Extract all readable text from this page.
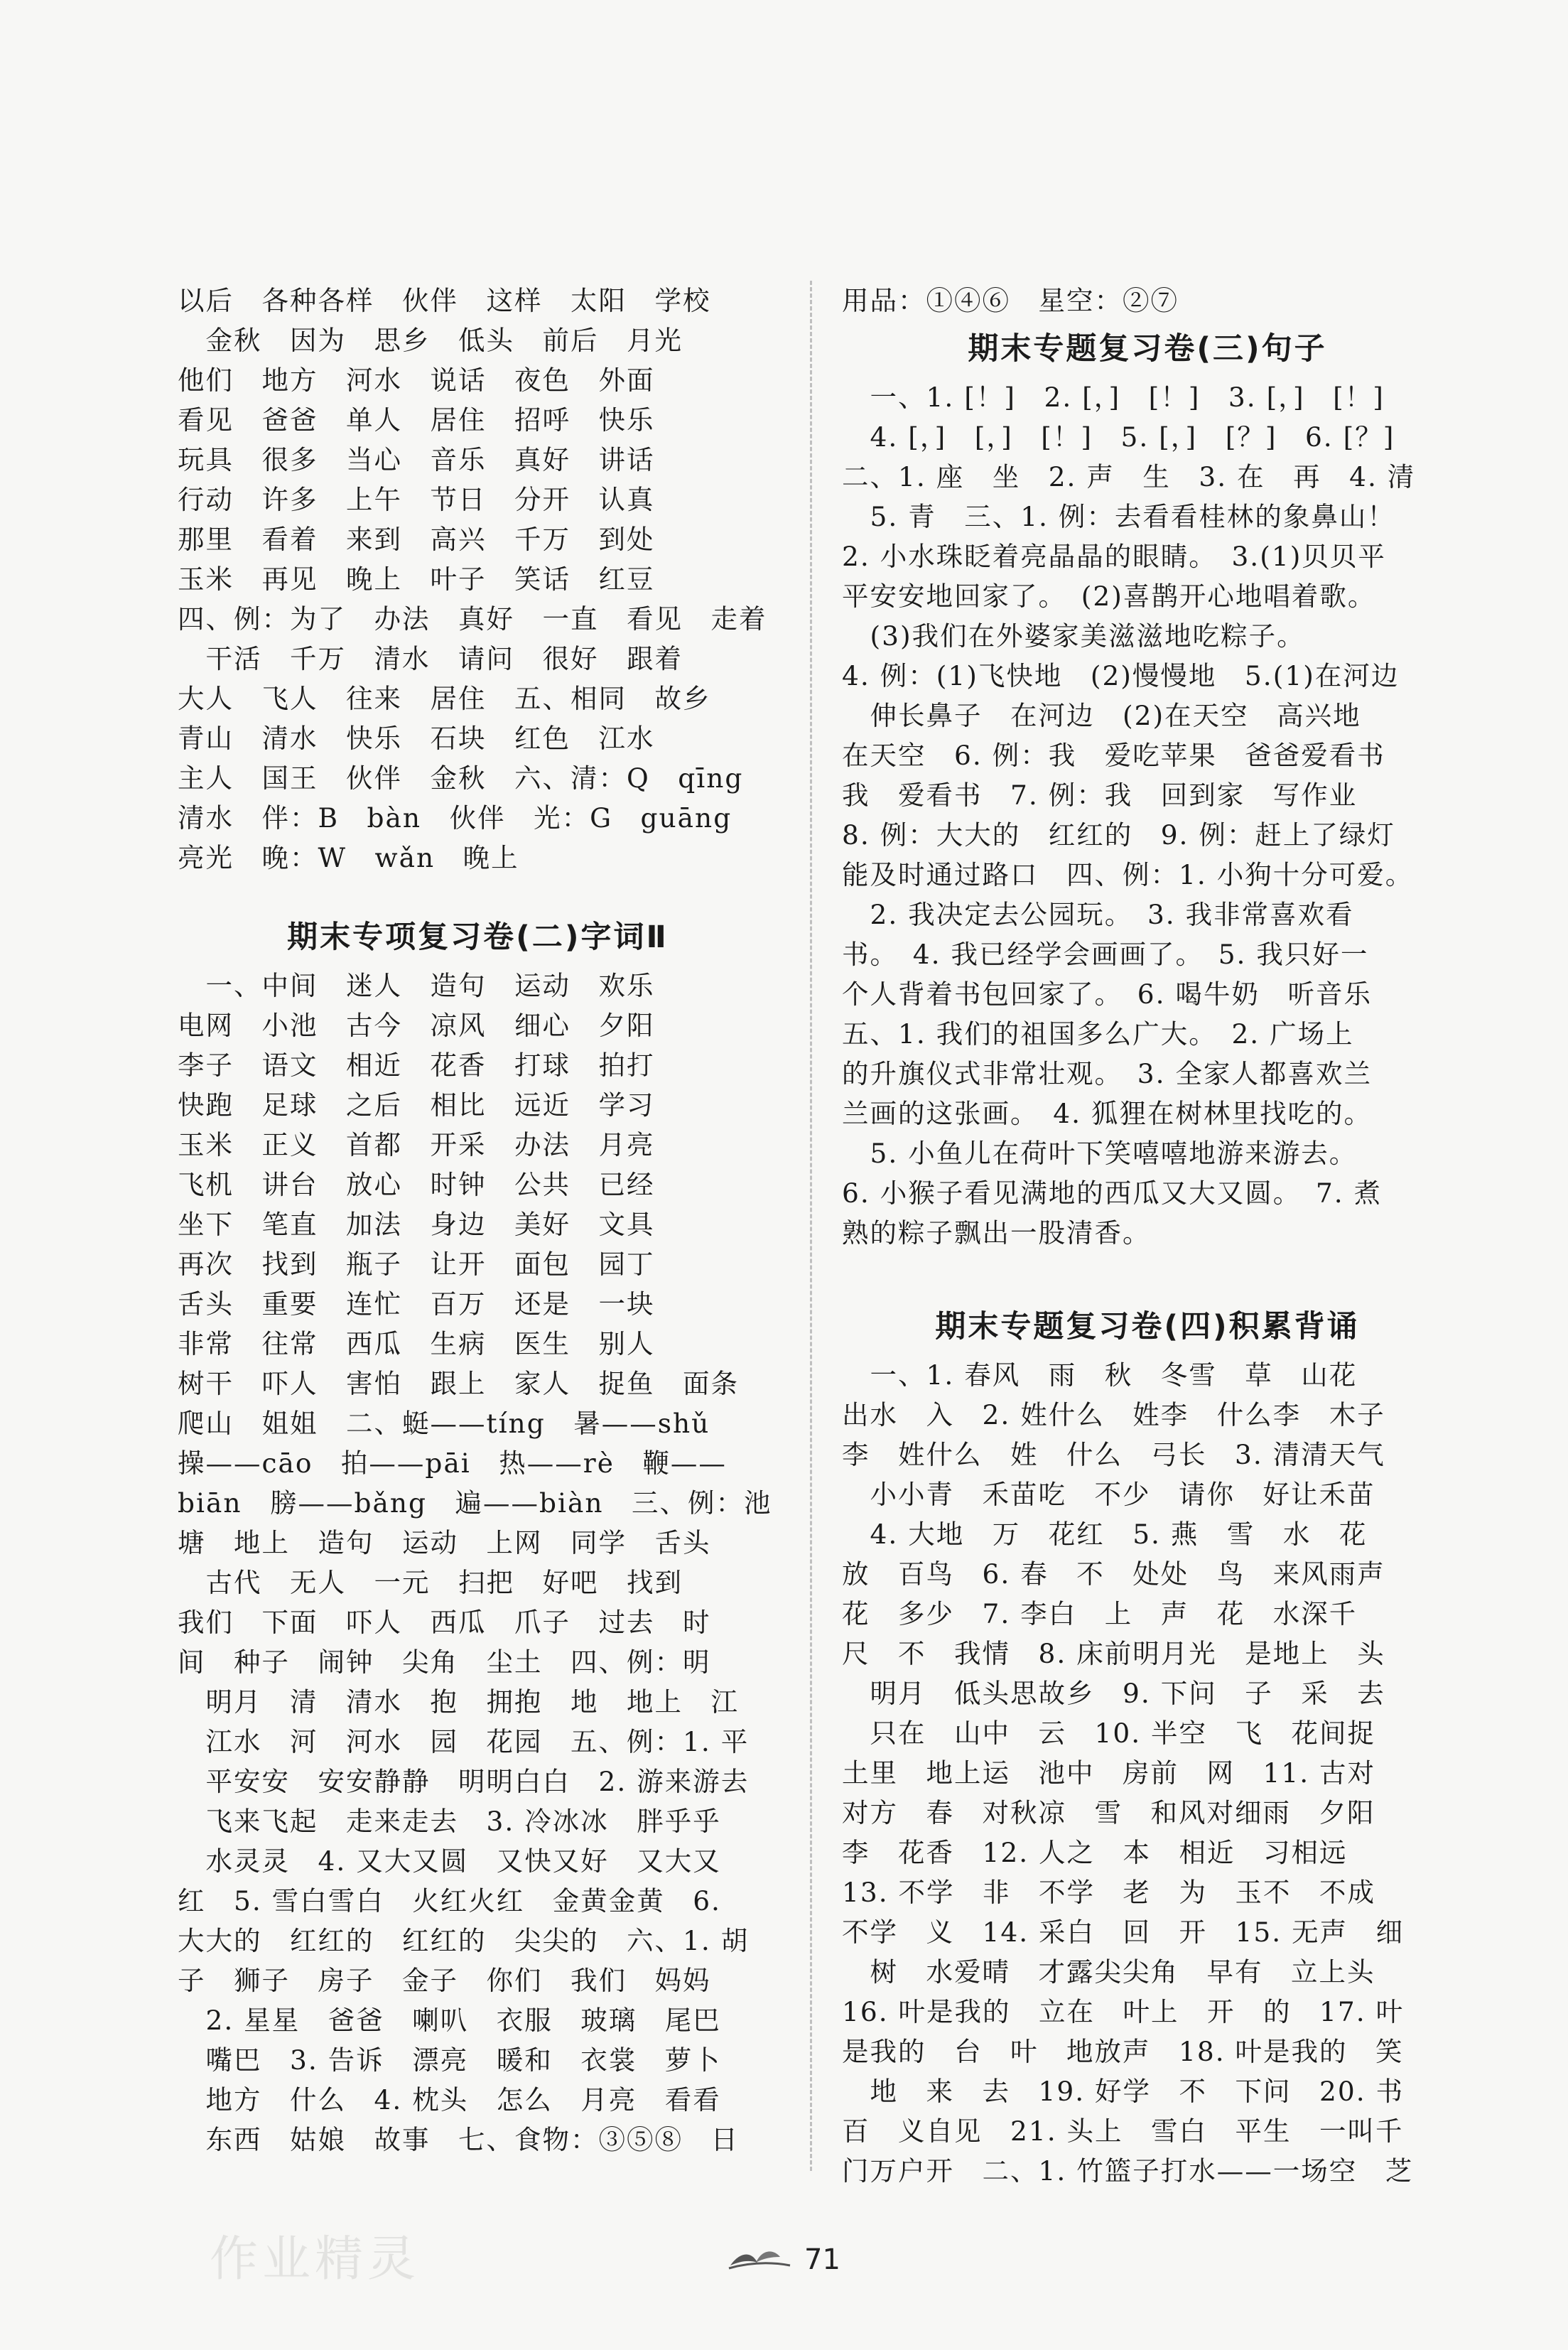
以后　各种各样　伙伴　这样　太阳　学校
　金秋　因为　思乡　低头　前后　月光
他们　地方　河水　说话　夜色　外面
看见　爸爸　单人　居住　招呼　快乐
玩具　很多　当心　音乐　真好　讲话
行动　许多　上午　节日　分开　认真
那里　看着　来到　高兴　千万　到处
玉米　再见　晚上　叶子　笑话　红豆
四、例：为了　办法　真好　一直　看见　走着
　干活　千万　清水　请问　很好　跟着
大人　飞人　往来　居住　五、相同　故乡
青山　清水　快乐　石块　红色　江水
主人　国王　伙伴　金秋　六、清：Q　qīng
清水　伴：B　bàn　伙伴　光：G　guāng
亮光　晚：W　wǎn　晚上
期末专项复习卷(二)字词Ⅱ
　一、中间　迷人　造句　运动　欢乐
电网　小池　古今　凉风　细心　夕阳
李子　语文　相近　花香　打球　拍打
快跑　足球　之后　相比　远近　学习
玉米　正义　首都　开采　办法　月亮
飞机　讲台　放心　时钟　公共　已经
坐下　笔直　加法　身边　美好　文具
再次　找到　瓶子　让开　面包　园丁
舌头　重要　连忙　百万　还是　一块
非常　往常　西瓜　生病　医生　别人
树干　吓人　害怕　跟上　家人　捉鱼　面条
爬山　姐姐　二、蜓——tíng　暑——shǔ
操——cāo　拍——pāi　热——rè　鞭——
biān　膀——bǎng　遍——biàn　三、例：池
塘　地上　造句　运动　上网　同学　舌头
　古代　无人　一元　扫把　好吧　找到
我们　下面　吓人　西瓜　爪子　过去　时
间　种子　闹钟　尖角　尘土　四、例：明
　明月　清　清水　抱　拥抱　地　地上　江
　江水　河　河水　园　花园　五、例：1. 平
　平安安　安安静静　明明白白　2. 游来游去
　飞来飞起　走来走去　3. 冷冰冰　胖乎乎
　水灵灵　4. 又大又圆　又快又好　又大又
红　5. 雪白雪白　火红火红　金黄金黄　6.
大大的　红红的　红红的　尖尖的　六、1. 胡
子　狮子　房子　金子　你们　我们　妈妈
　2. 星星　爸爸　喇叭　衣服　玻璃　尾巴
　嘴巴　3. 告诉　漂亮　暖和　衣裳　萝卜
　地方　什么　4. 枕头　怎么　月亮　看看
　东西　姑娘　故事　七、食物：③⑤⑧　日
用品：①④⑥　星空：②⑦
期末专题复习卷(三)句子
　一、1. [！]　2. [，]　[！]　3. [，]　[！]
　4. [，]　[，]　[！]　5. [，]　[？]　6. [？]
二、1. 座　坐　2. 声　生　3. 在　再　4. 清
　5. 青　三、1. 例：去看看桂林的象鼻山！
2. 小水珠眨着亮晶晶的眼睛。　3.(1)贝贝平
平安安地回家了。　(2)喜鹊开心地唱着歌。
　(3)我们在外婆家美滋滋地吃粽子。
4. 例：(1)飞快地　(2)慢慢地　5.(1)在河边
　伸长鼻子　在河边　(2)在天空　高兴地
在天空　6. 例：我　爱吃苹果　爸爸爱看书
我　爱看书　7. 例：我　回到家　写作业
8. 例：大大的　红红的　9. 例：赶上了绿灯
能及时通过路口　四、例：1. 小狗十分可爱。
　2. 我决定去公园玩。　3. 我非常喜欢看
书。　4. 我已经学会画画了。　5. 我只好一
个人背着书包回家了。　6. 喝牛奶　听音乐
五、1. 我们的祖国多么广大。　2. 广场上
的升旗仪式非常壮观。　3. 全家人都喜欢兰
兰画的这张画。　4. 狐狸在树林里找吃的。
　5. 小鱼儿在荷叶下笑嘻嘻地游来游去。
6. 小猴子看见满地的西瓜又大又圆。　7. 煮
熟的粽子飘出一股清香。
期末专题复习卷(四)积累背诵
　一、1. 春风　雨　秋　冬雪　草　山花
出水　入　2. 姓什么　姓李　什么李　木子
李　姓什么　姓　什么　弓长　3. 清清天气
　小小青　禾苗吃　不少　请你　好让禾苗
　4. 大地　万　花红　5. 燕　雪　水　花
放　百鸟　6. 春　不　处处　鸟　来风雨声
花　多少　7. 李白　上　声　花　水深千
尺　不　我情　8. 床前明月光　是地上　头
　明月　低头思故乡　9. 下问　子　采　去
　只在　山中　云　10. 半空　飞　花间捉
土里　地上运　池中　房前　网　11. 古对
对方　春　对秋凉　雪　和风对细雨　夕阳
李　花香　12. 人之　本　相近　习相远
13. 不学　非　不学　老　为　玉不　不成
不学　义　14. 采白　回　开　15. 无声　细
　树　水爱晴　才露尖尖角　早有　立上头
16. 叶是我的　立在　叶上　开　的　17. 叶
是我的　台　叶　地放声　18. 叶是我的　笑
　地　来　去　19. 好学　不　下问　20. 书
百　义自见　21. 头上　雪白　平生　一叫千
门万户开　二、1. 竹篮子打水——一场空　芝
作业精灵	71
